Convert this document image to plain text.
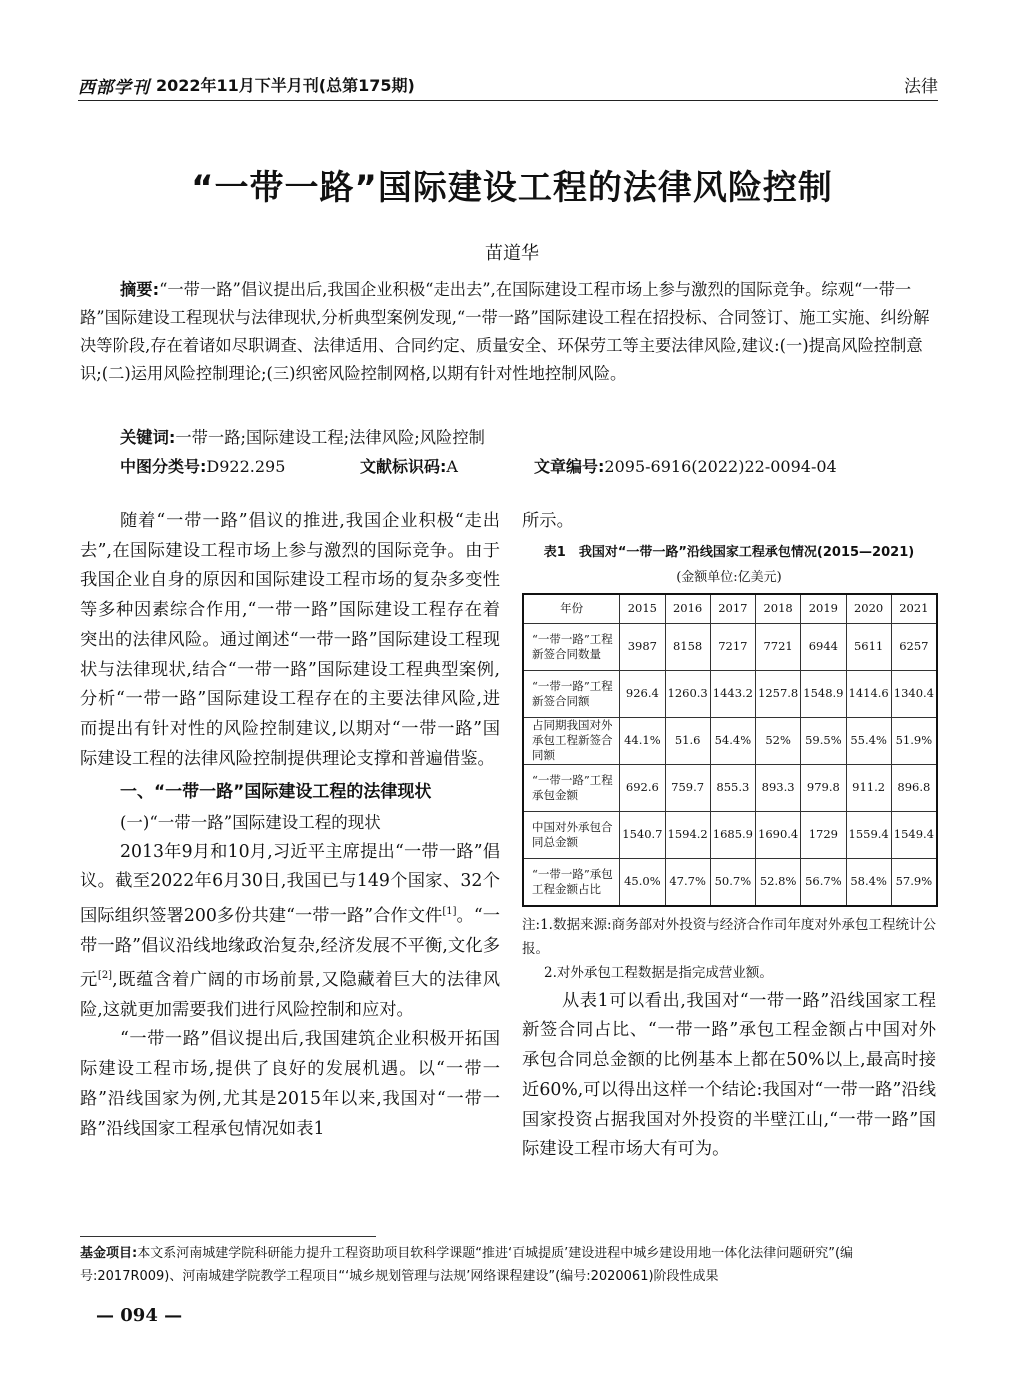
西部学刊 2022年11月下半月刊(总第175期)	法律
“一带一路”国际建设工程的法律风险控制
苗道华
摘要:“一带一路”倡议提出后,我国企业积极“走出去”,在国际建设工程市场上参与激烈的国际竞争。综观“一带一路”国际建设工程现状与法律现状,分析典型案例发现,“一带一路”国际建设工程在招投标、合同签订、施工实施、纠纷解决等阶段,存在着诸如尽职调查、法律适用、合同约定、质量安全、环保劳工等主要法律风险,建议:(一)提高风险控制意识;(二)运用风险控制理论;(三)织密风险控制网格,以期有针对性地控制风险。
关键词:一带一路;国际建设工程;法律风险;风险控制
中图分类号:D922.295	文献标识码:A	文章编号:2095-6916(2022)22-0094-04

随着“一带一路”倡议的推进,我国企业积极“走出去”,在国际建设工程市场上参与激烈的国际竞争。由于我国企业自身的原因和国际建设工程市场的复杂多变性等多种因素综合作用,“一带一路”国际建设工程存在着突出的法律风险。通过阐述“一带一路”国际建设工程现状与法律现状,结合“一带一路”国际建设工程典型案例,分析“一带一路”国际建设工程存在的主要法律风险,进而提出有针对性的风险控制建议,以期对“一带一路”国际建设工程的法律风险控制提供理论支撑和普遍借鉴。

一、“一带一路”国际建设工程的法律现状

(一)“一带一路”国际建设工程的现状

2013年9月和10月,习近平主席提出“一带一路”倡议。截至2022年6月30日,我国已与149个国家、32个国际组织签署200多份共建“一带一路”合作文件[1]。“一带一路”倡议沿线地缘政治复杂,经济发展不平衡,文化多元[2],既蕴含着广阔的市场前景,又隐藏着巨大的法律风险,这就更加需要我们进行风险控制和应对。

“一带一路”倡议提出后,我国建筑企业积极开拓国际建设工程市场,提供了良好的发展机遇。以“一带一路”沿线国家为例,尤其是2015年以来,我国对“一带一路”沿线国家工程承包情况如表1

所示。
表1　我国对“一带一路”沿线国家工程承包情况(2015—2021)
(金额单位:亿美元)
年份	2015	2016	2017	2018	2019	2020	2021
“一带一路”工程新签合同数量	3987	8158	7217	7721	6944	5611	6257
“一带一路”工程新签合同额	926.4	1260.3	1443.2	1257.8	1548.9	1414.6	1340.4
占同期我国对外承包工程新签合同额	44.1%	51.6	54.4%	52%	59.5%	55.4%	51.9%
“一带一路”工程承包金额	692.6	759.7	855.3	893.3	979.8	911.2	896.8
中国对外承包合同总金额	1540.7	1594.2	1685.9	1690.4	1729	1559.4	1549.4
“一带一路”承包工程金额占比	45.0%	47.7%	50.7%	52.8%	56.7%	58.4%	57.9%
注:1.数据来源:商务部对外投资与经济合作司年度对外承包工程统计公报。
2.对外承包工程数据是指完成营业额。

从表1可以看出,我国对“一带一路”沿线国家工程新签合同占比、“一带一路”承包工程金额占中国对外承包合同总金额的比例基本上都在50%以上,最高时接近60%,可以得出这样一个结论:我国对“一带一路”沿线国家投资占据我国对外投资的半壁江山,“一带一路”国际建设工程市场大有可为。

基金项目:本文系河南城建学院科研能力提升工程资助项目软科学课题“推进‘百城提质’建设进程中城乡建设用地一体化法律问题研究”(编号:2017R009)、河南城建学院教学工程项目“‘城乡规划管理与法规’网络课程建设”(编号:2020061)阶段性成果
— 094 —
